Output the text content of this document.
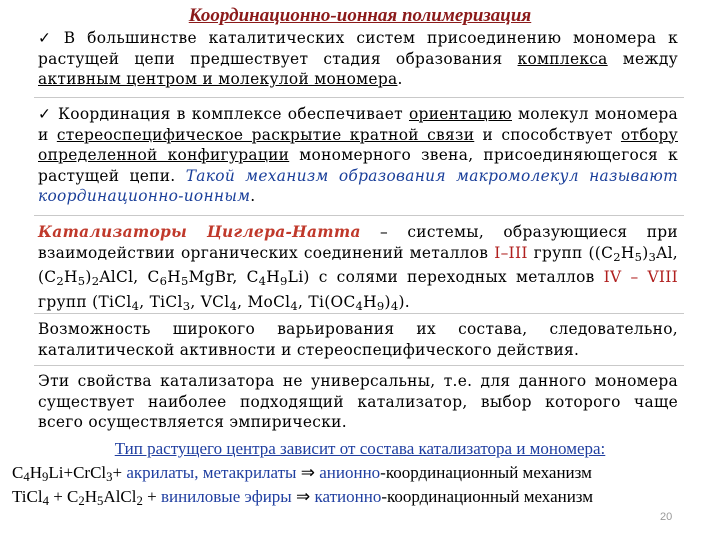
Координационно-ионная полимеризация
✓ В большинстве каталитических систем присоединению мономера к растущей цепи предшествует стадия образования комплекса между активным центром и молекулой мономера.
✓ Координация в комплексе обеспечивает ориентацию молекул мономера и стереоспецифическое раскрытие кратной связи и способствует отбору определенной конфигурации мономерного звена, присоединяющегося к растущей цепи. Такой механизм образования макромолекул называют координационно-ионным.
Катализаторы Циглера-Натта – системы, образующиеся при взаимодействии органических соединений металлов I–III групп ($(C_2H_5)_3Al$, $(C_2H_5)_2AlCl$, $C_6H_5MgBr$, $C_4H_9Li$) с солями переходных металлов IV – VIII групп (TiCl$_4$, TiCl$_3$, VCl$_4$, MoCl$_4$, $Ti(OC_4H_9)_4$).
Возможность широкого варьирования их состава, следовательно, каталитической активности и стереоспецифического действия.
Эти свойства катализатора не универсальны, т.е. для данного мономера существует наиболее подходящий катализатор, выбор которого чаще всего осуществляется эмпирически.
Тип растущего центра зависит от состава катализатора и мономера:
$C_4H_9Li+CrCl_3+$ акрилаты, метакрилаты ⇒ анионно-координационный механизм
TiCl$_4$ + $C_2H_5AlCl_2$ + виниловые эфиры ⇒ катионно-координационный механизм
20
